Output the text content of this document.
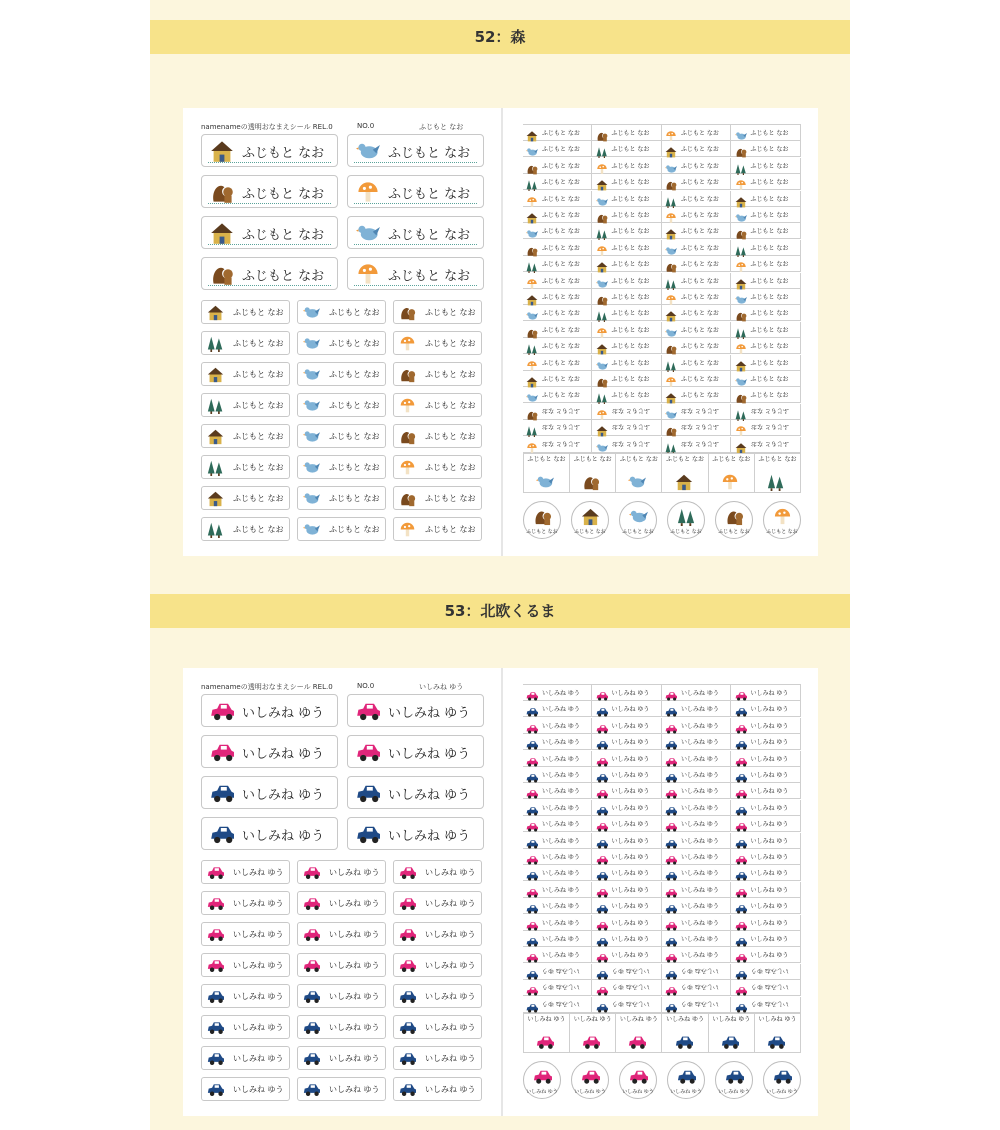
52：森
namenameの透明おなまえシール REL.0	NO.0	ふじもと なお
ふじもと なお	ふじもと なお
ふじもと なお	ふじもと なお
ふじもと なお	ふじもと なお
ふじもと なお	ふじもと なお
ふじもと なお	ふじもと なお	ふじもと なお
ふじもと なお	ふじもと なお	ふじもと なお
ふじもと なお	ふじもと なお	ふじもと なお
ふじもと なお	ふじもと なお	ふじもと なお
ふじもと なお	ふじもと なお	ふじもと なお
ふじもと なお	ふじもと なお	ふじもと なお
ふじもと なお	ふじもと なお	ふじもと なお
ふじもと なお	ふじもと なお	ふじもと なお
ふじもと なお	ふじもと なお	ふじもと なお	ふじもと なお
ふじもと なお	ふじもと なお	ふじもと なお	ふじもと なお
ふじもと なお	ふじもと なお	ふじもと なお	ふじもと なお
ふじもと なお	ふじもと なお	ふじもと なお	ふじもと なお
ふじもと なお	ふじもと なお	ふじもと なお	ふじもと なお
ふじもと なお	ふじもと なお	ふじもと なお	ふじもと なお
ふじもと なお	ふじもと なお	ふじもと なお	ふじもと なお
ふじもと なお	ふじもと なお	ふじもと なお	ふじもと なお
ふじもと なお	ふじもと なお	ふじもと なお	ふじもと なお
ふじもと なお	ふじもと なお	ふじもと なお	ふじもと なお
ふじもと なお	ふじもと なお	ふじもと なお	ふじもと なお
ふじもと なお	ふじもと なお	ふじもと なお	ふじもと なお
ふじもと なお	ふじもと なお	ふじもと なお	ふじもと なお
ふじもと なお	ふじもと なお	ふじもと なお	ふじもと なお
ふじもと なお	ふじもと なお	ふじもと なお	ふじもと なお
ふじもと なお	ふじもと なお	ふじもと なお	ふじもと なお
ふじもと なお	ふじもと なお	ふじもと なお	ふじもと なお
ふじもと なお	ふじもと なお	ふじもと なお	ふじもと なお
ふじもと なお	ふじもと なお	ふじもと なお	ふじもと なお
ふじもと なお	ふじもと なお	ふじもと なお	ふじもと なお
ふじもと なお	ふじもと なお	ふじもと なお	ふじもと なお	ふじもと なお	ふじもと なお
ふじもと なお	ふじもと なお	ふじもと なお	ふじもと なお	ふじもと なお	ふじもと なお
53：北欧くるま
namenameの透明おなまえシール REL.0	NO.0	いしみね ゆう
いしみね ゆう	いしみね ゆう
いしみね ゆう	いしみね ゆう
いしみね ゆう	いしみね ゆう
いしみね ゆう	いしみね ゆう
いしみね ゆう	いしみね ゆう	いしみね ゆう
いしみね ゆう	いしみね ゆう	いしみね ゆう
いしみね ゆう	いしみね ゆう	いしみね ゆう
いしみね ゆう	いしみね ゆう	いしみね ゆう
いしみね ゆう	いしみね ゆう	いしみね ゆう
いしみね ゆう	いしみね ゆう	いしみね ゆう
いしみね ゆう	いしみね ゆう	いしみね ゆう
いしみね ゆう	いしみね ゆう	いしみね ゆう
いしみね ゆう	いしみね ゆう	いしみね ゆう	いしみね ゆう
いしみね ゆう	いしみね ゆう	いしみね ゆう	いしみね ゆう
いしみね ゆう	いしみね ゆう	いしみね ゆう	いしみね ゆう
いしみね ゆう	いしみね ゆう	いしみね ゆう	いしみね ゆう
いしみね ゆう	いしみね ゆう	いしみね ゆう	いしみね ゆう
いしみね ゆう	いしみね ゆう	いしみね ゆう	いしみね ゆう
いしみね ゆう	いしみね ゆう	いしみね ゆう	いしみね ゆう
いしみね ゆう	いしみね ゆう	いしみね ゆう	いしみね ゆう
いしみね ゆう	いしみね ゆう	いしみね ゆう	いしみね ゆう
いしみね ゆう	いしみね ゆう	いしみね ゆう	いしみね ゆう
いしみね ゆう	いしみね ゆう	いしみね ゆう	いしみね ゆう
いしみね ゆう	いしみね ゆう	いしみね ゆう	いしみね ゆう
いしみね ゆう	いしみね ゆう	いしみね ゆう	いしみね ゆう
いしみね ゆう	いしみね ゆう	いしみね ゆう	いしみね ゆう
いしみね ゆう	いしみね ゆう	いしみね ゆう	いしみね ゆう
いしみね ゆう	いしみね ゆう	いしみね ゆう	いしみね ゆう
いしみね ゆう	いしみね ゆう	いしみね ゆう	いしみね ゆう
いしみね ゆう	いしみね ゆう	いしみね ゆう	いしみね ゆう
いしみね ゆう	いしみね ゆう	いしみね ゆう	いしみね ゆう
いしみね ゆう	いしみね ゆう	いしみね ゆう	いしみね ゆう
いしみね ゆう	いしみね ゆう	いしみね ゆう	いしみね ゆう	いしみね ゆう	いしみね ゆう
いしみね ゆう	いしみね ゆう	いしみね ゆう	いしみね ゆう	いしみね ゆう	いしみね ゆう
